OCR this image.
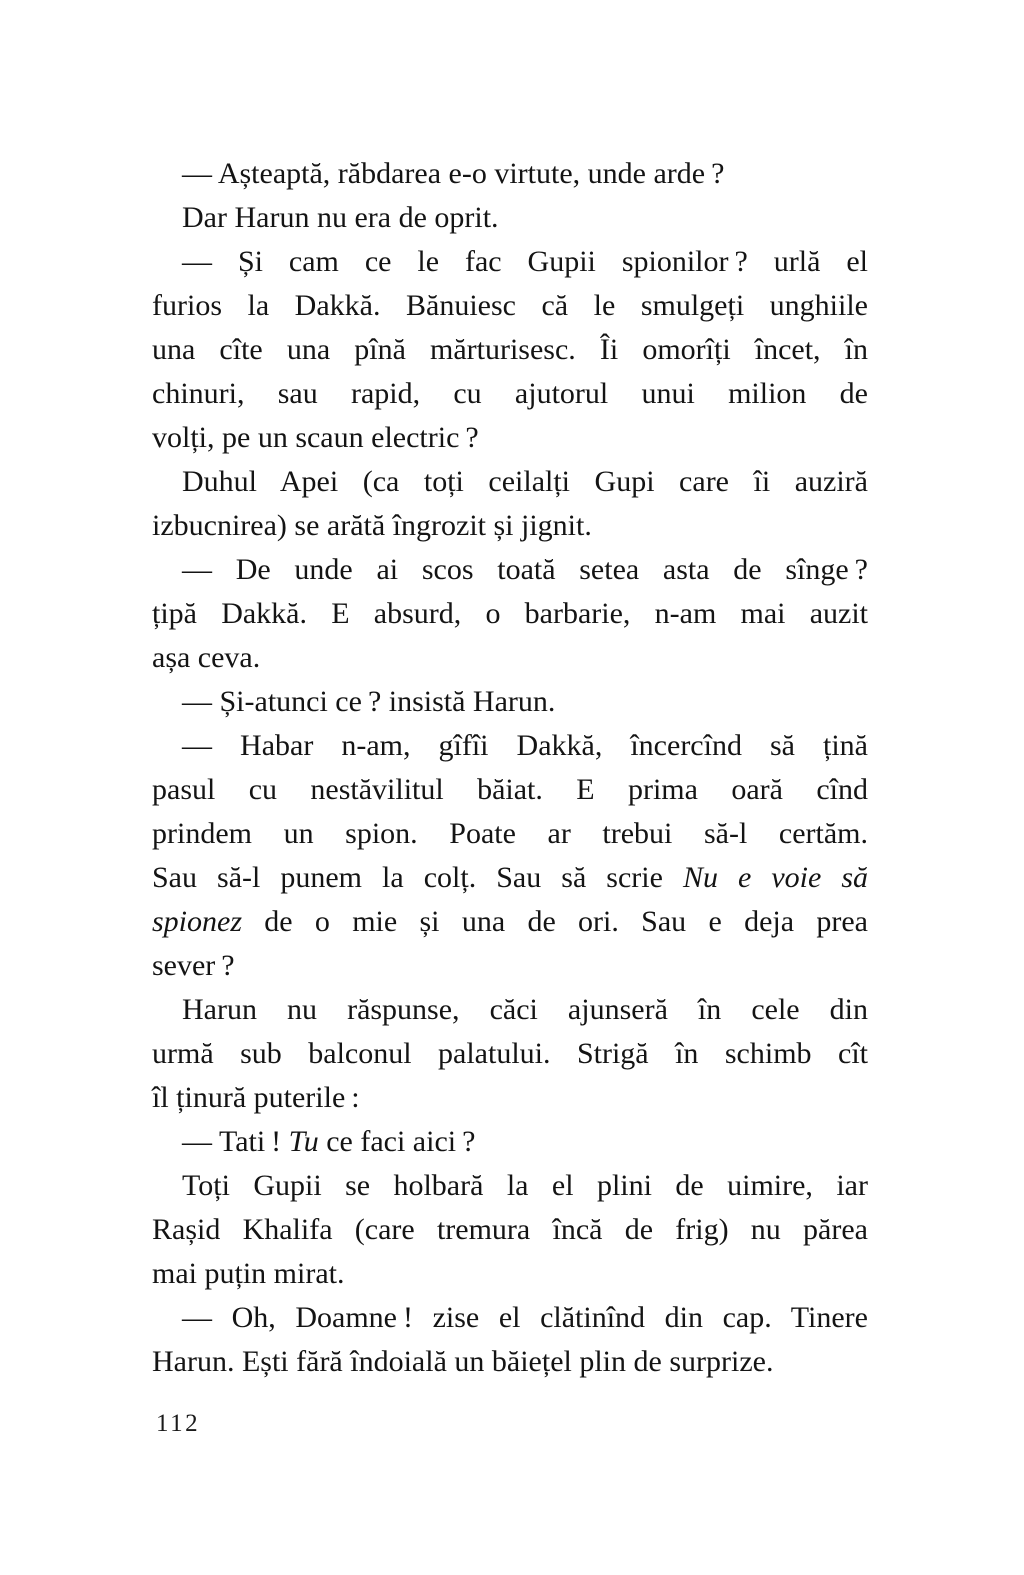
— Așteaptă, răbdarea e-o virtute, unde arde ?
Dar Harun nu era de oprit.
— Și cam ce le fac Gupii spionilor ? urlă el
furios la Dakkă. Bănuiesc că le smulgeți unghiile
una cîte una pînă mărturisesc. Îi omorîți încet, în
chinuri, sau rapid, cu ajutorul unui milion de
volți, pe un scaun electric ?
Duhul Apei (ca toți ceilalți Gupi care îi auziră
izbucnirea) se arătă îngrozit și jignit.
— De unde ai scos toată setea asta de sînge ?
țipă Dakkă. E absurd, o barbarie, n-am mai auzit
așa ceva.
— Și-atunci ce ? insistă Harun.
— Habar n-am, gîfîi Dakkă, încercînd să țină
pasul cu nestăvilitul băiat. E prima oară cînd
prindem un spion. Poate ar trebui să-l certăm.
Sau să-l punem la colț. Sau să scrie Nu e voie să
spionez de o mie și una de ori. Sau e deja prea
sever ?
Harun nu răspunse, căci ajunseră în cele din
urmă sub balconul palatului. Strigă în schimb cît
îl ținură puterile :
— Tati ! Tu ce faci aici ?
Toți Gupii se holbară la el plini de uimire, iar
Rașid Khalifa (care tremura încă de frig) nu părea
mai puțin mirat.
— Oh, Doamne ! zise el clătinînd din cap. Tinere
Harun. Ești fără îndoială un băiețel plin de surprize.
112
